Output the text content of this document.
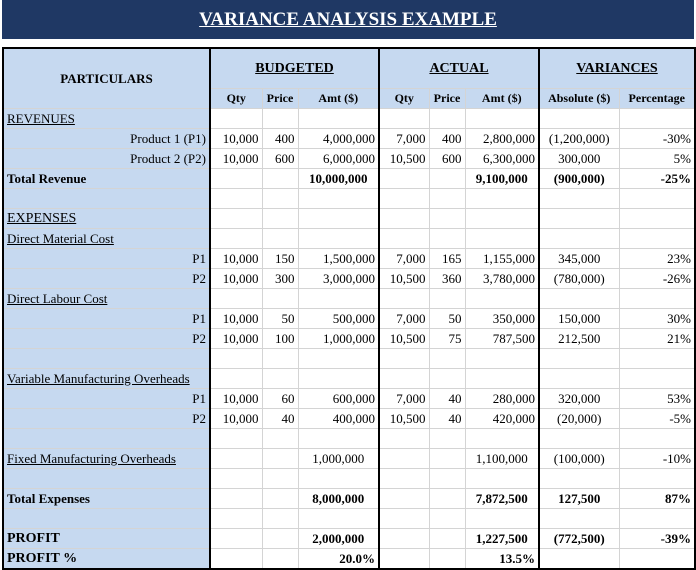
VARIANCE ANALYSIS EXAMPLE
PARTICULARS	BUDGETED			ACTUAL			VARIANCES	
	Qty	Price	Amt ($)	Qty	Price	Amt ($)	Absolute ($)	Percentage
REVENUES								
Product 1 (P1)	10,000	400	4,000,000	7,000	400	2,800,000	(1,200,000)	-30%
Product 2 (P2)	10,000	600	6,000,000	10,500	600	6,300,000	300,000	5%
Total Revenue			10,000,000			9,100,000	(900,000)	-25%

EXPENSES								
Direct Material Cost								
P1	10,000	150	1,500,000	7,000	165	1,155,000	345,000	23%
P2	10,000	300	3,000,000	10,500	360	3,780,000	(780,000)	-26%
Direct Labour Cost								
P1	10,000	50	500,000	7,000	50	350,000	150,000	30%
P2	10,000	100	1,000,000	10,500	75	787,500	212,500	21%

Variable Manufacturing Overheads								
P1	10,000	60	600,000	7,000	40	280,000	320,000	53%
P2	10,000	40	400,000	10,500	40	420,000	(20,000)	-5%

Fixed Manufacturing Overheads			1,000,000			1,100,000	(100,000)	-10%

Total Expenses			8,000,000			7,872,500	127,500	87%

PROFIT			2,000,000			1,227,500	(772,500)	-39%
PROFIT %			20.0%			13.5%		
